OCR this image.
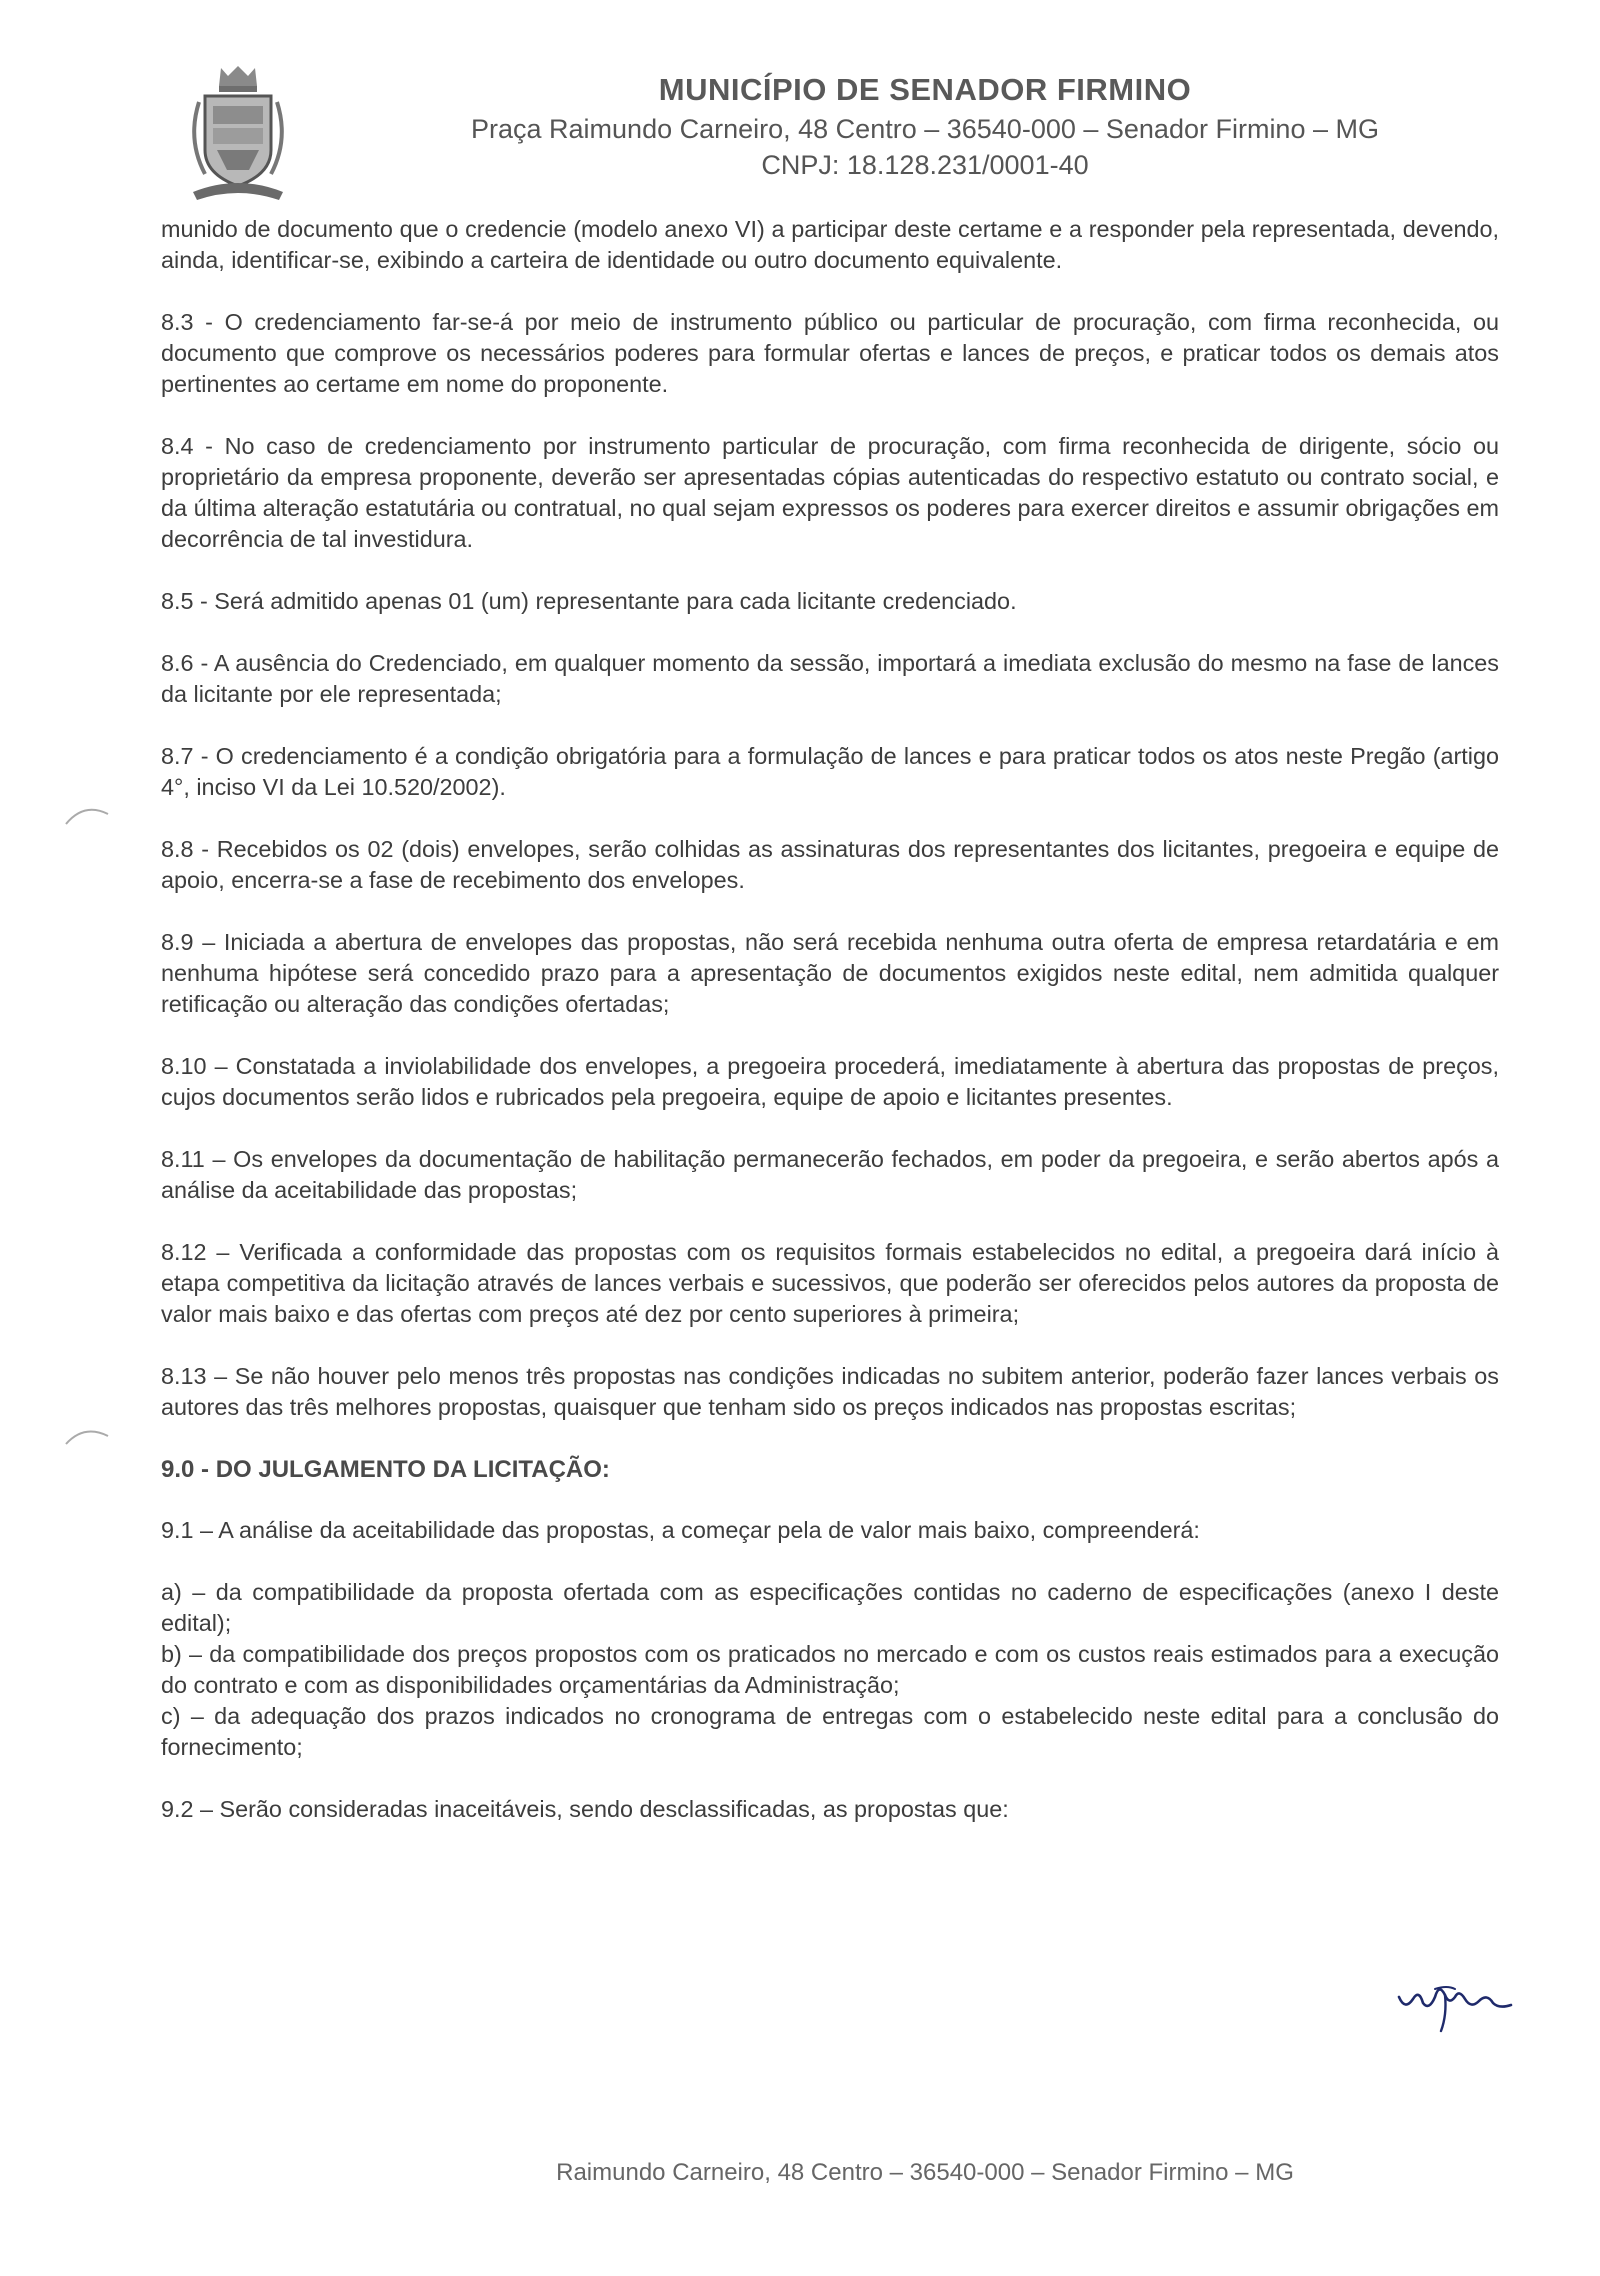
MUNICÍPIO DE SENADOR FIRMINO
Praça Raimundo Carneiro, 48 Centro – 36540-000 – Senador Firmino – MG
CNPJ: 18.128.231/0001-40

munido de documento que o credencie (modelo anexo VI) a participar deste certame e a responder pela representada, devendo, ainda, identificar-se, exibindo a carteira de identidade ou outro documento equivalente.

8.3 - O credenciamento far-se-á por meio de instrumento público ou particular de procuração, com firma reconhecida, ou documento que comprove os necessários poderes para formular ofertas e lances de preços, e praticar todos os demais atos pertinentes ao certame em nome do proponente.

8.4 - No caso de credenciamento por instrumento particular de procuração, com firma reconhecida de dirigente, sócio ou proprietário da empresa proponente, deverão ser apresentadas cópias autenticadas do respectivo estatuto ou contrato social, e da última alteração estatutária ou contratual, no qual sejam expressos os poderes para exercer direitos e assumir obrigações em decorrência de tal investidura.

8.5 - Será admitido apenas 01 (um) representante para cada licitante credenciado.

8.6 - A ausência do Credenciado, em qualquer momento da sessão, importará a imediata exclusão do mesmo na fase de lances da licitante por ele representada;

8.7 - O credenciamento é a condição obrigatória para a formulação de lances e para praticar todos os atos neste Pregão (artigo 4°, inciso VI da Lei 10.520/2002).

8.8 - Recebidos os 02 (dois) envelopes, serão colhidas as assinaturas dos representantes dos licitantes, pregoeira e equipe de apoio, encerra-se a fase de recebimento dos envelopes.

8.9 – Iniciada a abertura de envelopes das propostas, não será recebida nenhuma outra oferta de empresa retardatária e em nenhuma hipótese será concedido prazo para a apresentação de documentos exigidos neste edital, nem admitida qualquer retificação ou alteração das condições ofertadas;

8.10 – Constatada a inviolabilidade dos envelopes, a pregoeira procederá, imediatamente à abertura das propostas de preços, cujos documentos serão lidos e rubricados pela pregoeira, equipe de apoio e licitantes presentes.

8.11 – Os envelopes da documentação de habilitação permanecerão fechados, em poder da pregoeira, e serão abertos após a análise da aceitabilidade das propostas;

8.12 – Verificada a conformidade das propostas com os requisitos formais estabelecidos no edital, a pregoeira dará início à etapa competitiva da licitação através de lances verbais e sucessivos, que poderão ser oferecidos pelos autores da proposta de valor mais baixo e das ofertas com preços até dez por cento superiores à primeira;

8.13 – Se não houver pelo menos três propostas nas condições indicadas no subitem anterior, poderão fazer lances verbais os autores das três melhores propostas, quaisquer que tenham sido os preços indicados nas propostas escritas;

9.0 - DO JULGAMENTO DA LICITAÇÃO:

9.1 – A análise da aceitabilidade das propostas, a começar pela de valor mais baixo, compreenderá:

a) – da compatibilidade da proposta ofertada com as especificações contidas no caderno de especificações (anexo I deste edital);

b) – da compatibilidade dos preços propostos com os praticados no mercado e com os custos reais estimados para a execução do contrato e com as disponibilidades orçamentárias da Administração;

c) – da adequação dos prazos indicados no cronograma de entregas com o estabelecido neste edital para a conclusão do fornecimento;

9.2 – Serão consideradas inaceitáveis, sendo desclassificadas, as propostas que:

Raimundo Carneiro, 48 Centro – 36540-000 – Senador Firmino – MG
